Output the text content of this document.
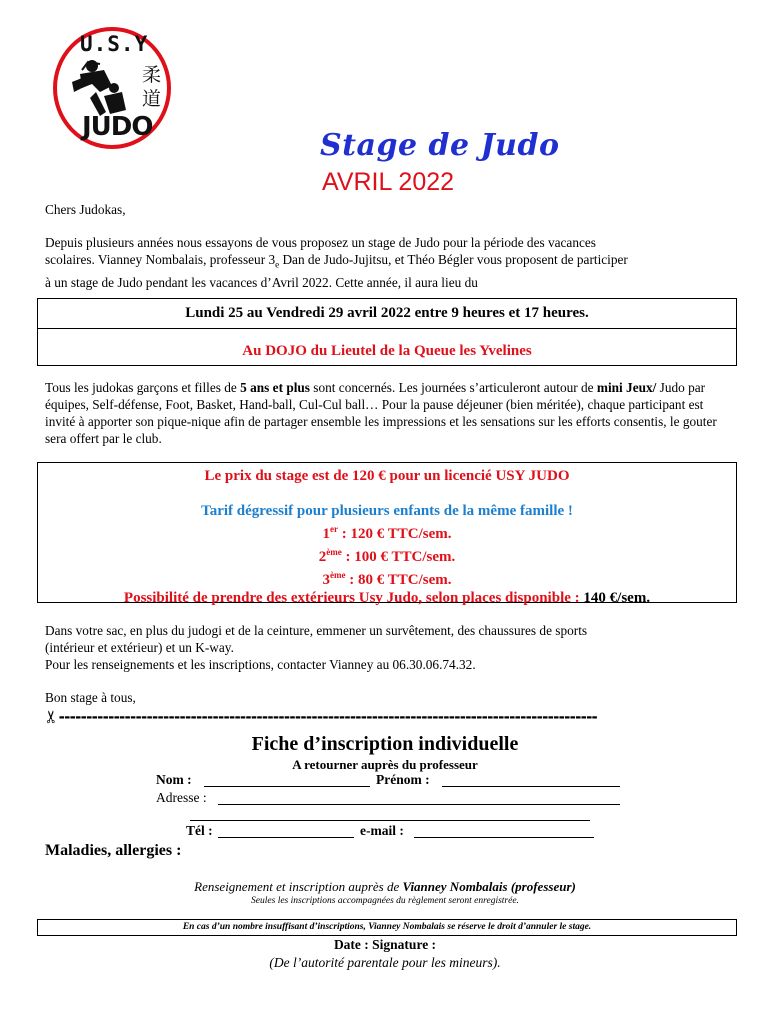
U.S.Y
柔
道
JUDO
Stage de Judo
AVRIL 2022
Chers Judokas,
Depuis plusieurs années nous essayons de vous proposez un stage de Judo pour la période des vacances
scolaires. Vianney Nombalais, professeur $3_e$ Dan de Judo-Jujitsu, et Théo Bégler vous proposent de participer
à un stage de Judo pendant les vacances d’Avril 2022. Cette année, il aura lieu du
Lundi 25 au Vendredi 29 avril 2022 entre 9 heures et 17 heures.
Au DOJO du Lieutel de la Queue les Yvelines
Tous les judokas garçons et filles de 5 ans et plus sont concernés. Les journées s’articuleront autour de mini Jeux/ Judo par équipes, Self-défense, Foot, Basket, Hand-ball, Cul-Cul ball… Pour la pause déjeuner (bien méritée), chaque participant est invité à apporter son pique-nique afin de partager ensemble les impressions et les sensations sur les efforts consentis, le gouter sera offert par le club.
Le prix du stage est de 120 € pour un licencié USY JUDO
Tarif dégressif pour plusieurs enfants de la même famille !
1er : 120 € TTC/sem.
2ème : 100 € TTC/sem.
3ème : 80 € TTC/sem.
Possibilité de prendre des extérieurs Usy Judo, selon places disponible : 140 €/sem.
Dans votre sac, en plus du judogi et de la ceinture, emmener un survêtement, des chaussures de sports
(intérieur et extérieur) et un K-way.
Pour les renseignements et les inscriptions, contacter Vianney au 06.30.06.74.32.
Bon stage à tous,
✂--------------------------------------------------------------------------------------------------
Fiche d’inscription individuelle
A retourner auprès du professeur
Nom :	Prénom :
Adresse :
Tél :	e-mail :
Maladies, allergies :
Renseignement et inscription auprès de Vianney Nombalais (professeur)
Seules les inscriptions accompagnées du règlement seront enregistrée.
En cas d’un nombre insuffisant d’inscriptions, Vianney Nombalais se réserve le droit d’annuler le stage.
Date : Signature :
(De l’autorité parentale pour les mineurs).
